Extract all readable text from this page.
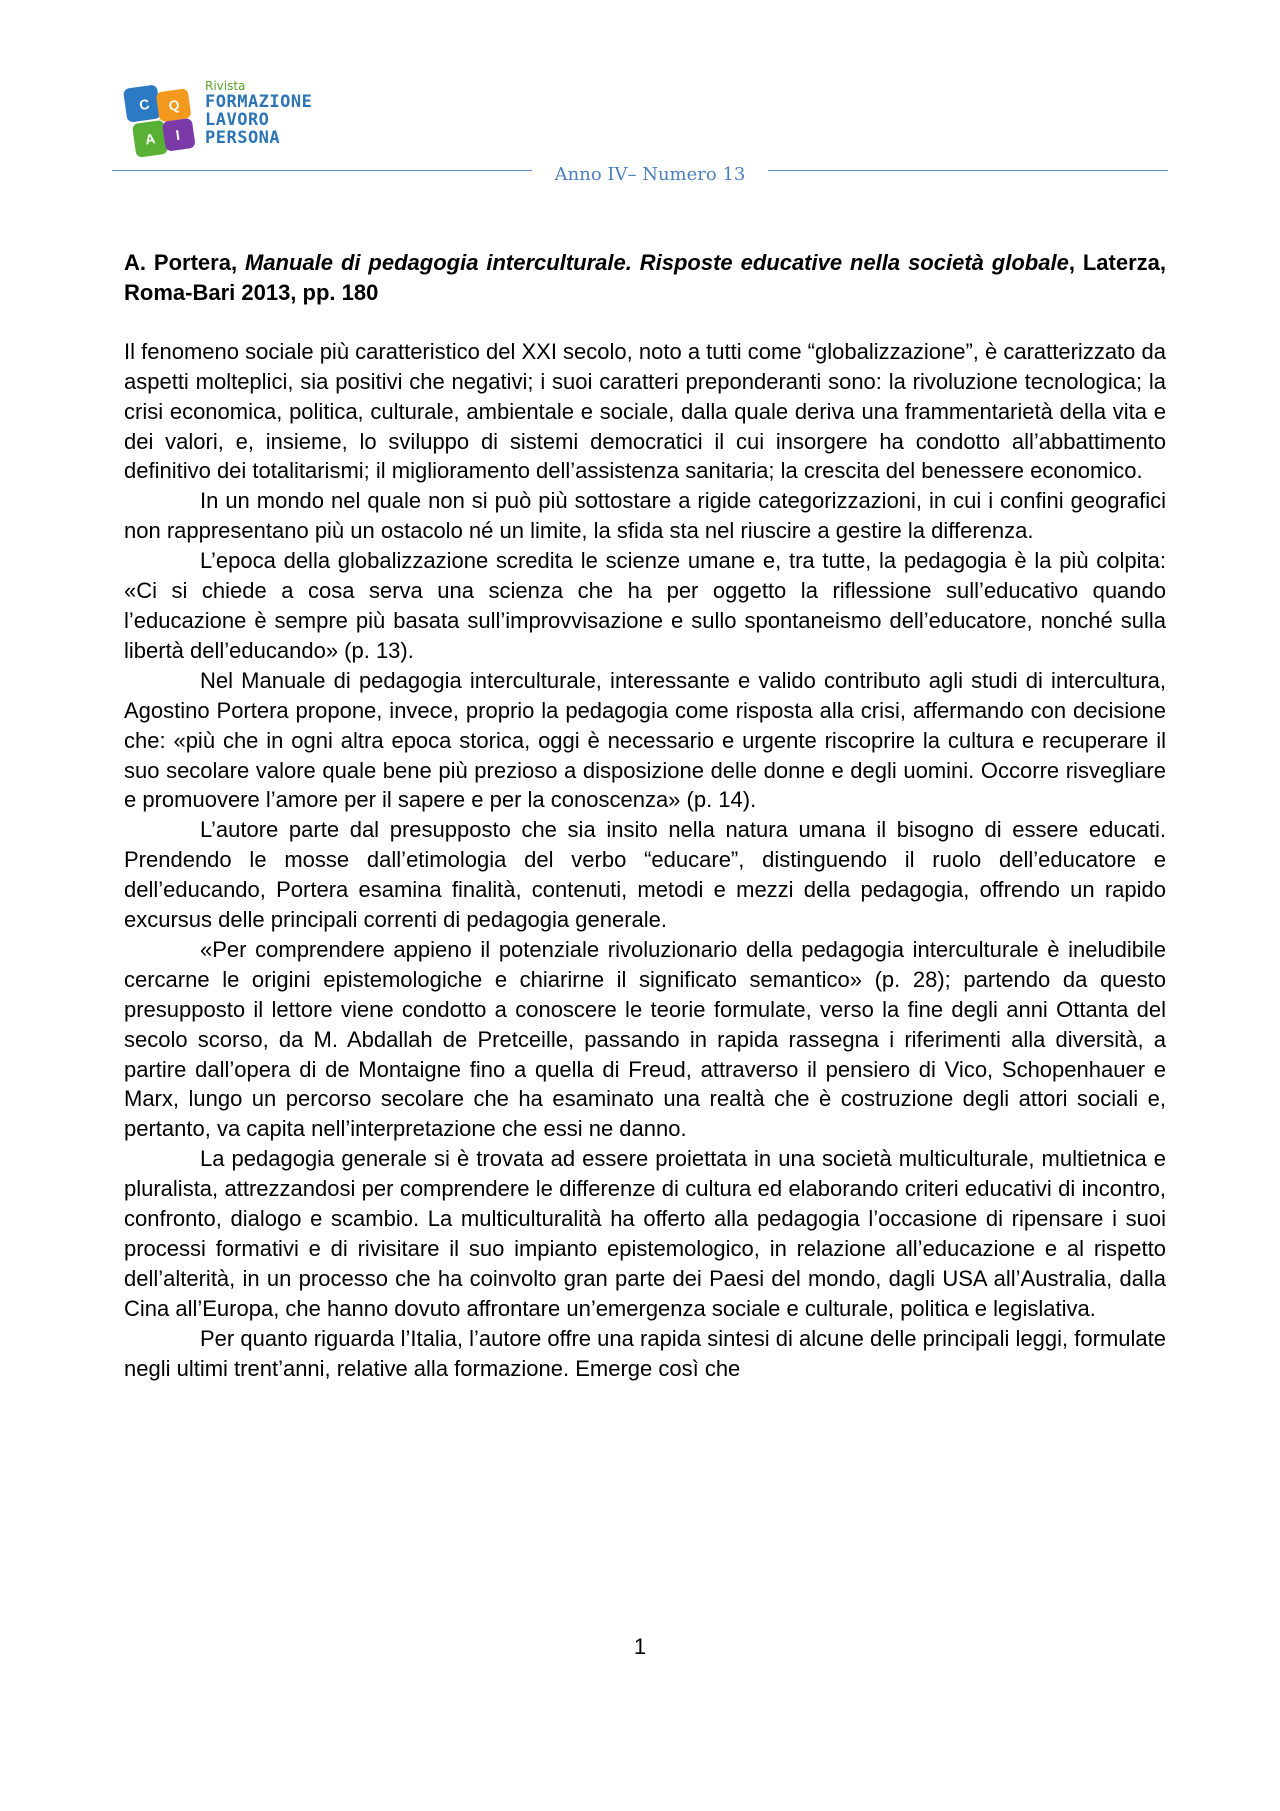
C Q
A I
Rivista
FORMAZIONE
LAVORO
PERSONA
Anno IV– Numero 13
A. Portera, Manuale di pedagogia interculturale. Risposte educative nella società globale, Laterza, Roma-Bari 2013, pp. 180

Il fenomeno sociale più caratteristico del XXI secolo, noto a tutti come “globalizzazione”, è caratterizzato da aspetti molteplici, sia positivi che negativi; i suoi caratteri preponderanti sono: la rivoluzione tecnologica; la crisi economica, politica, culturale, ambientale e sociale, dalla quale deriva una frammentarietà della vita e dei valori, e, insieme, lo sviluppo di sistemi democratici il cui insorgere ha condotto all’abbattimento definitivo dei totalitarismi; il miglioramento dell’assistenza sanitaria; la crescita del benessere economico.

In un mondo nel quale non si può più sottostare a rigide categorizzazioni, in cui i confini geografici non rappresentano più un ostacolo né un limite, la sfida sta nel riuscire a gestire la differenza.

L’epoca della globalizzazione scredita le scienze umane e, tra tutte, la pedagogia è la più colpita: «Ci si chiede a cosa serva una scienza che ha per oggetto la riflessione sull’educativo quando l’educazione è sempre più basata sull’improvvisazione e sullo spontaneismo dell’educatore, nonché sulla libertà dell’educando» (p. 13).

Nel Manuale di pedagogia interculturale, interessante e valido contributo agli studi di intercultura, Agostino Portera propone, invece, proprio la pedagogia come risposta alla crisi, affermando con decisione che: «più che in ogni altra epoca storica, oggi è necessario e urgente riscoprire la cultura e recuperare il suo secolare valore quale bene più prezioso a disposizione delle donne e degli uomini. Occorre risvegliare e promuovere l’amore per il sapere e per la conoscenza» (p. 14).

L’autore parte dal presupposto che sia insito nella natura umana il bisogno di essere educati. Prendendo le mosse dall’etimologia del verbo “educare”, distinguendo il ruolo dell’educatore e dell’educando, Portera esamina finalità, contenuti, metodi e mezzi della pedagogia, offrendo un rapido excursus delle principali correnti di pedagogia generale.

«Per comprendere appieno il potenziale rivoluzionario della pedagogia interculturale è ineludibile cercarne le origini epistemologiche e chiarirne il significato semantico» (p. 28); partendo da questo presupposto il lettore viene condotto a conoscere le teorie formulate, verso la fine degli anni Ottanta del secolo scorso, da M. Abdallah de Pretceille, passando in rapida rassegna i riferimenti alla diversità, a partire dall’opera di de Montaigne fino a quella di Freud, attraverso il pensiero di Vico, Schopenhauer e Marx, lungo un percorso secolare che ha esaminato una realtà che è costruzione degli attori sociali e, pertanto, va capita nell’interpretazione che essi ne danno.

La pedagogia generale si è trovata ad essere proiettata in una società multiculturale, multietnica e pluralista, attrezzandosi per comprendere le differenze di cultura ed elaborando criteri educativi di incontro, confronto, dialogo e scambio. La multiculturalità ha offerto alla pedagogia l’occasione di ripensare i suoi processi formativi e di rivisitare il suo impianto epistemologico, in relazione all’educazione e al rispetto dell’alterità, in un processo che ha coinvolto gran parte dei Paesi del mondo, dagli USA all’Australia, dalla Cina all’Europa, che hanno dovuto affrontare un’emergenza sociale e culturale, politica e legislativa.

Per quanto riguarda l’Italia, l’autore offre una rapida sintesi di alcune delle principali leggi, formulate negli ultimi trent’anni, relative alla formazione. Emerge così che

1
